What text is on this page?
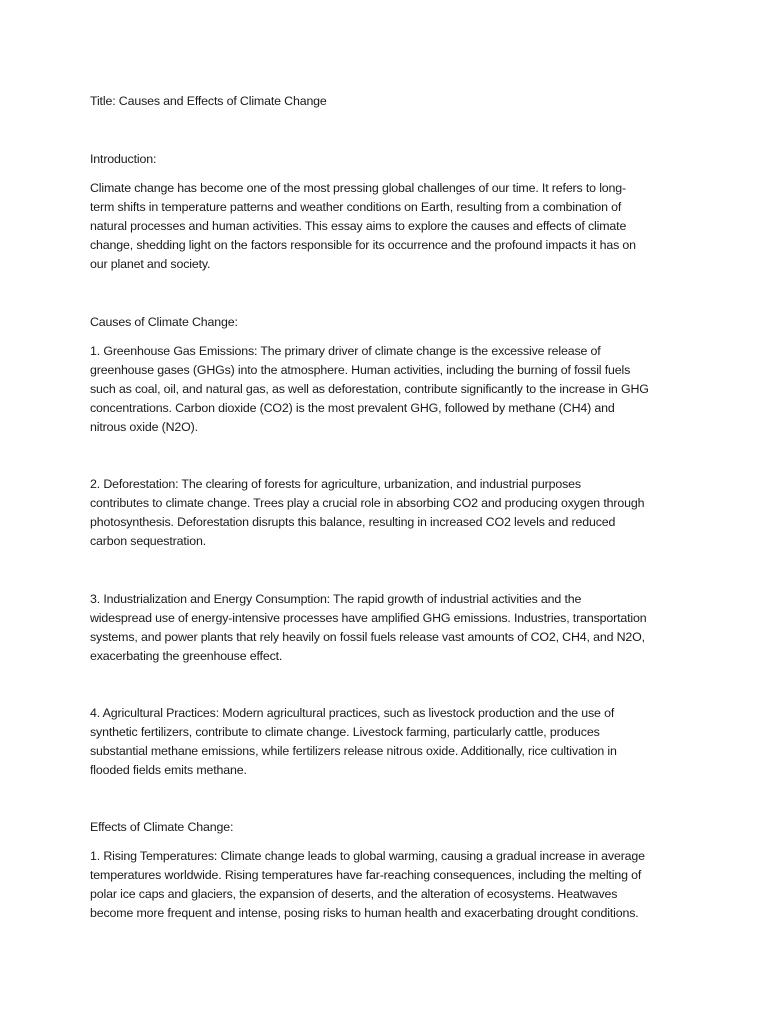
Title: Causes and Effects of Climate Change

Introduction:

Climate change has become one of the most pressing global challenges of our time. It refers to long-
term shifts in temperature patterns and weather conditions on Earth, resulting from a combination of
natural processes and human activities. This essay aims to explore the causes and effects of climate
change, shedding light on the factors responsible for its occurrence and the profound impacts it has on
our planet and society.

Causes of Climate Change:

1. Greenhouse Gas Emissions: The primary driver of climate change is the excessive release of
greenhouse gases (GHGs) into the atmosphere. Human activities, including the burning of fossil fuels
such as coal, oil, and natural gas, as well as deforestation, contribute significantly to the increase in GHG
concentrations. Carbon dioxide (CO2) is the most prevalent GHG, followed by methane (CH4) and
nitrous oxide (N2O).

2. Deforestation: The clearing of forests for agriculture, urbanization, and industrial purposes
contributes to climate change. Trees play a crucial role in absorbing CO2 and producing oxygen through
photosynthesis. Deforestation disrupts this balance, resulting in increased CO2 levels and reduced
carbon sequestration.

3. Industrialization and Energy Consumption: The rapid growth of industrial activities and the
widespread use of energy-intensive processes have amplified GHG emissions. Industries, transportation
systems, and power plants that rely heavily on fossil fuels release vast amounts of CO2, CH4, and N2O,
exacerbating the greenhouse effect.

4. Agricultural Practices: Modern agricultural practices, such as livestock production and the use of
synthetic fertilizers, contribute to climate change. Livestock farming, particularly cattle, produces
substantial methane emissions, while fertilizers release nitrous oxide. Additionally, rice cultivation in
flooded fields emits methane.

Effects of Climate Change:

1. Rising Temperatures: Climate change leads to global warming, causing a gradual increase in average
temperatures worldwide. Rising temperatures have far-reaching consequences, including the melting of
polar ice caps and glaciers, the expansion of deserts, and the alteration of ecosystems. Heatwaves
become more frequent and intense, posing risks to human health and exacerbating drought conditions.
